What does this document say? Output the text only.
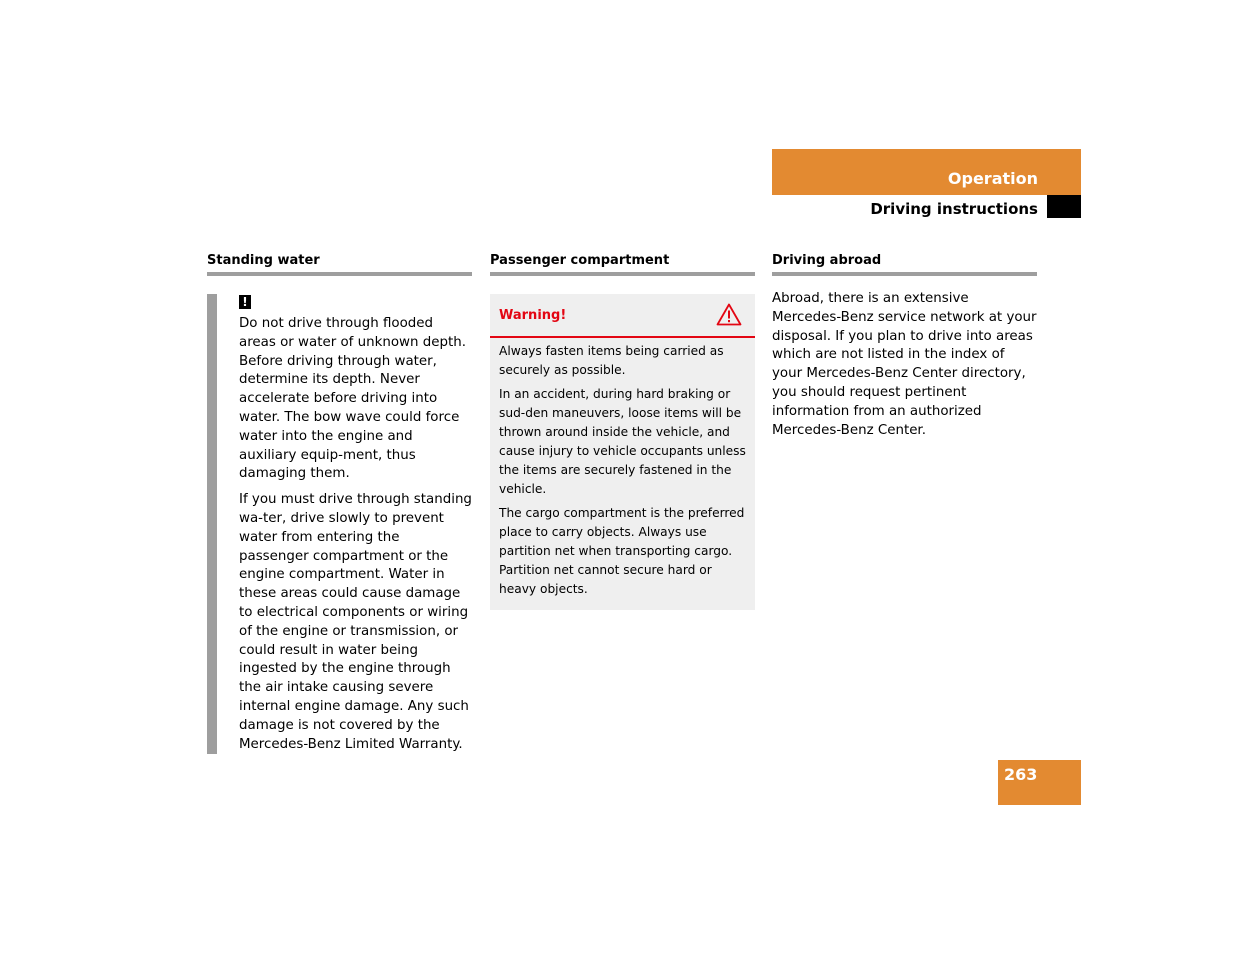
Operation
Driving instructions
Standing water
!

Do not drive through flooded areas or water of unknown depth. Before driving through water, determine its depth. Never accelerate before driving into water. The bow wave could force water into the engine and auxiliary equip-ment, thus damaging them.

If you must drive through standing wa-ter, drive slowly to prevent water from entering the passenger compartment or the engine compartment. Water in these areas could cause damage to electrical components or wiring of the engine or transmission, or could result in water being ingested by the engine through the air intake causing severe internal engine damage. Any such damage is not covered by the Mercedes-Benz Limited Warranty.

Passenger compartment
Warning!

Always fasten items being carried as securely as possible.

In an accident, during hard braking or sud-den maneuvers, loose items will be thrown around inside the vehicle, and cause injury to vehicle occupants unless the items are securely fastened in the vehicle.

The cargo compartment is the preferred place to carry objects. Always use partition net when transporting cargo. Partition net cannot secure hard or heavy objects.

Driving abroad
Abroad, there is an extensive Mercedes-Benz service network at your disposal. If you plan to drive into areas which are not listed in the index of your Mercedes-Benz Center directory, you should request pertinent information from an authorized Mercedes-Benz Center.
263
